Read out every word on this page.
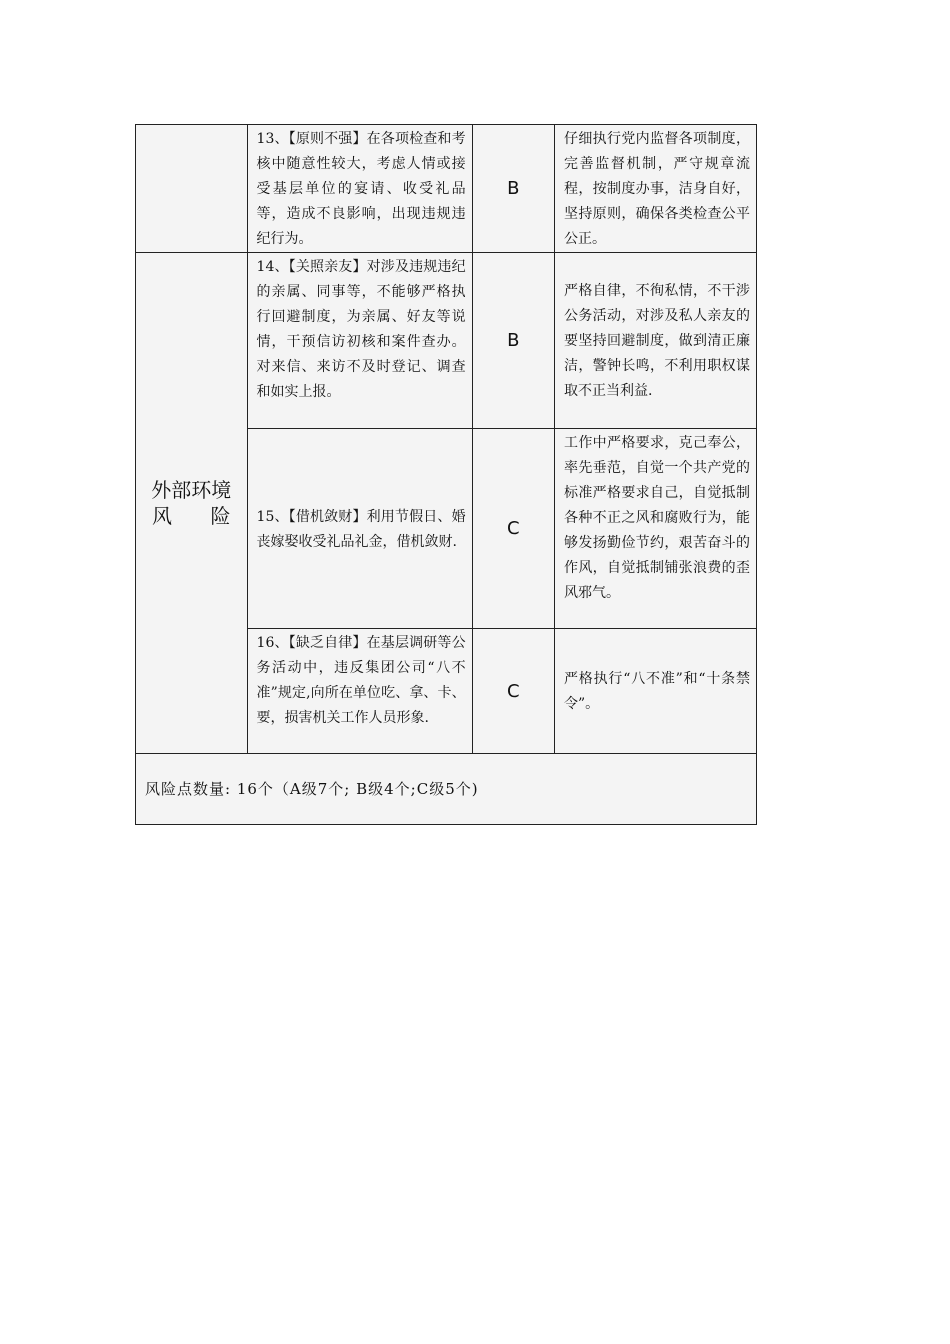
	13、【原则不强】在各项检查和考核中随意性较大，考虑人情或接受基层单位的宴请、收受礼品等，造成不良影响，出现违规违纪行为。	B	仔细执行党内监督各项制度，完善监督机制，严守规章流程，按制度办事，洁身自好，坚持原则，确保各类检查公平公正。

外部环境
风 险	14、【关照亲友】对涉及违规违纪的亲属、同事等，不能够严格执行回避制度，为亲属、好友等说情，干预信访初核和案件查办。对来信、来访不及时登记、调查和如实上报。	B	严格自律，不徇私情，不干涉公务活动，对涉及私人亲友的要坚持回避制度，做到清正廉洁，警钟长鸣，不利用职权谋取不正当利益.
	15、【借机敛财】利用节假日、婚丧嫁娶收受礼品礼金，借机敛财.	C	工作中严格要求，克己奉公，率先垂范，自觉一个共产党的标准严格要求自己，自觉抵制各种不正之风和腐败行为，能够发扬勤俭节约，艰苦奋斗的作风，自觉抵制铺张浪费的歪风邪气。
	16、【缺乏自律】在基层调研等公务活动中，违反集团公司“八不准”规定,向所在单位吃、拿、卡、要，损害机关工作人员形象.	C	严格执行“八不准”和“十条禁令”。
风险点数量: 16个（A级7个; B级4个;C级5个)			
